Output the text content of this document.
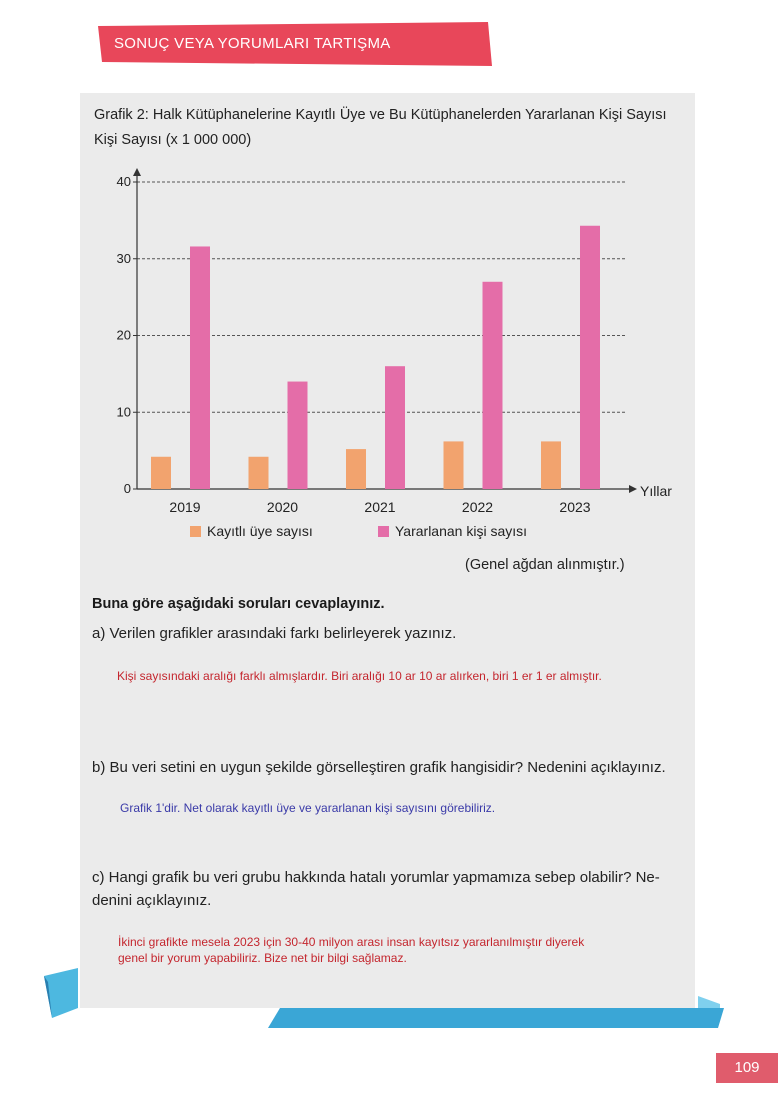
SONUÇ VEYA YORUMLARI TARTIŞMA
Grafik 2: Halk Kütüphanelerine Kayıtlı Üye ve Bu Kütüphanelerden Yararlanan Kişi Sayısı
Kişi Sayısı (x 1 000 000)
0
10
20
30
40
Yıllar
2019	2020	2021	2022	2023
Kayıtlı üye sayısı	Yararlanan kişi sayısı
(Genel ağdan alınmıştır.)
Buna göre aşağıdaki soruları cevaplayınız.
a) Verilen grafikler arasındaki farkı belirleyerek yazınız.
Kişi sayısındaki aralığı farklı almışlardır. Biri aralığı 10 ar 10 ar alırken, biri 1 er 1 er almıştır.
b) Bu veri setini en uygun şekilde görselleştiren grafik hangisidir? Nedenini açıklayınız.
Grafik 1'dir. Net olarak kayıtlı üye ve yararlanan kişi sayısını görebiliriz.
c) Hangi grafik bu veri grubu hakkında hatalı yorumlar yapmamıza sebep olabilir? Ne-
denini açıklayınız.
İkinci grafikte mesela 2023 için 30-40 milyon arası insan kayıtsız yararlanılmıştır diyerek
genel bir yorum yapabiliriz. Bize net bir bilgi sağlamaz.
109
